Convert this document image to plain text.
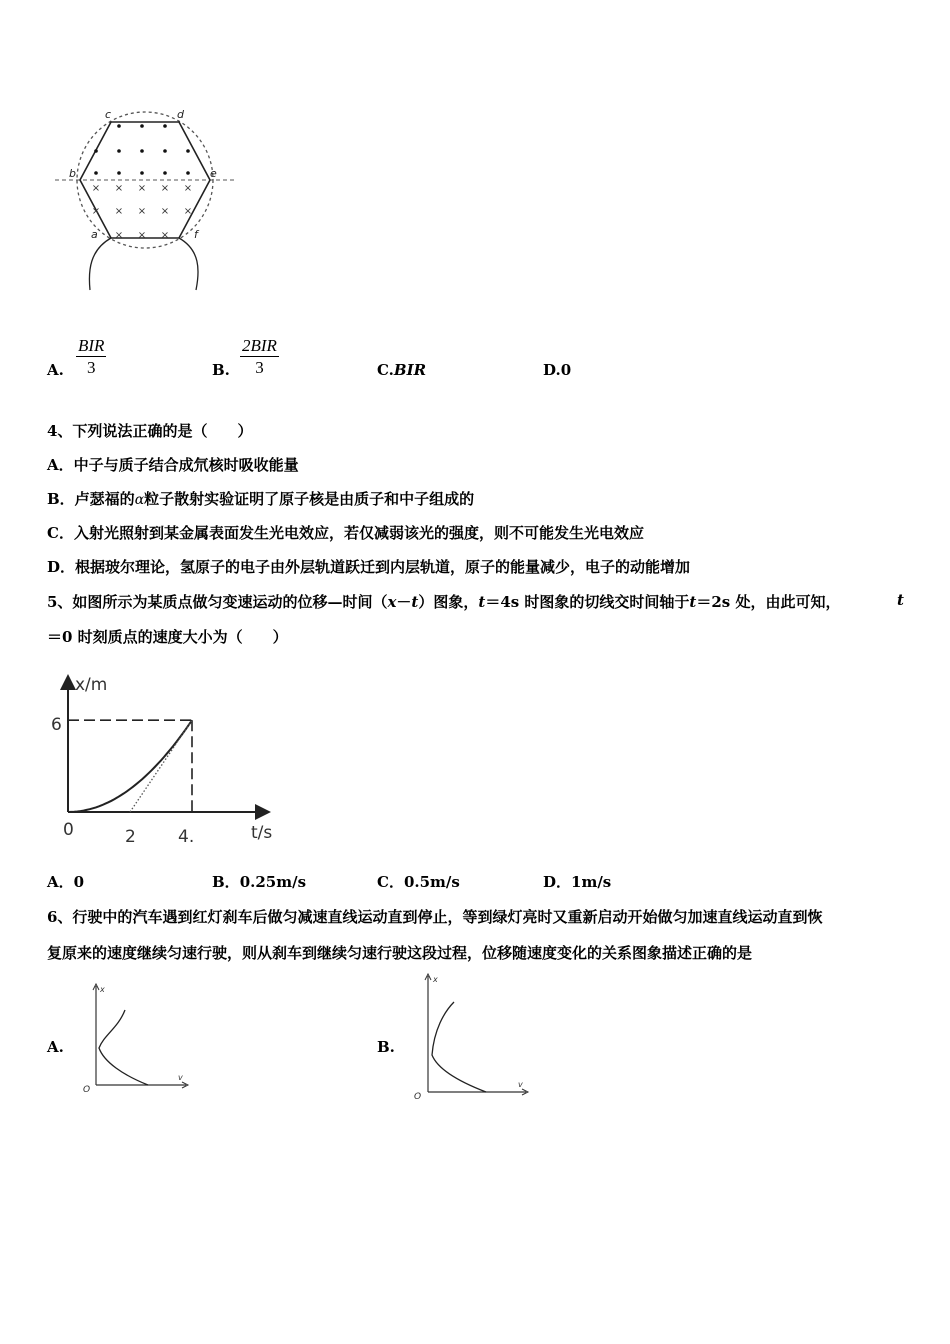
× × × × ×
× × × × ×
× × ×
c	d
b	e
a	f
A.
BIR
3	B.
2BIR
3	C.BIR	D.0
4、下列说法正确的是（　　）
A．中子与质子结合成氘核时吸收能量
B．卢瑟福的α粒子散射实验证明了原子核是由质子和中子组成的
C．入射光照射到某金属表面发生光电效应，若仅减弱该光的强度，则不可能发生光电效应
D．根据玻尔理论，氢原子的电子由外层轨道跃迁到内层轨道，原子的能量减少，电子的动能增加
5、如图所示为某质点做匀变速运动的位移—时间（x－t）图象，t＝4s 时图象的切线交时间轴于t＝2s 处，由此可知，	t
＝0 时刻质点的速度大小为（　　）
x/m
t/s
0
6
2 4.
A．0	B．0.25m/s	C．0.5m/s	D．1m/s
6、行驶中的汽车遇到红灯刹车后做匀减速直线运动直到停止，等到绿灯亮时又重新启动开始做匀加速直线运动直到恢
复原来的速度继续匀速行驶，则从刹车到继续匀速行驶这段过程，位移随速度变化的关系图象描述正确的是
A.
x
v
O
B.
x
v
O
